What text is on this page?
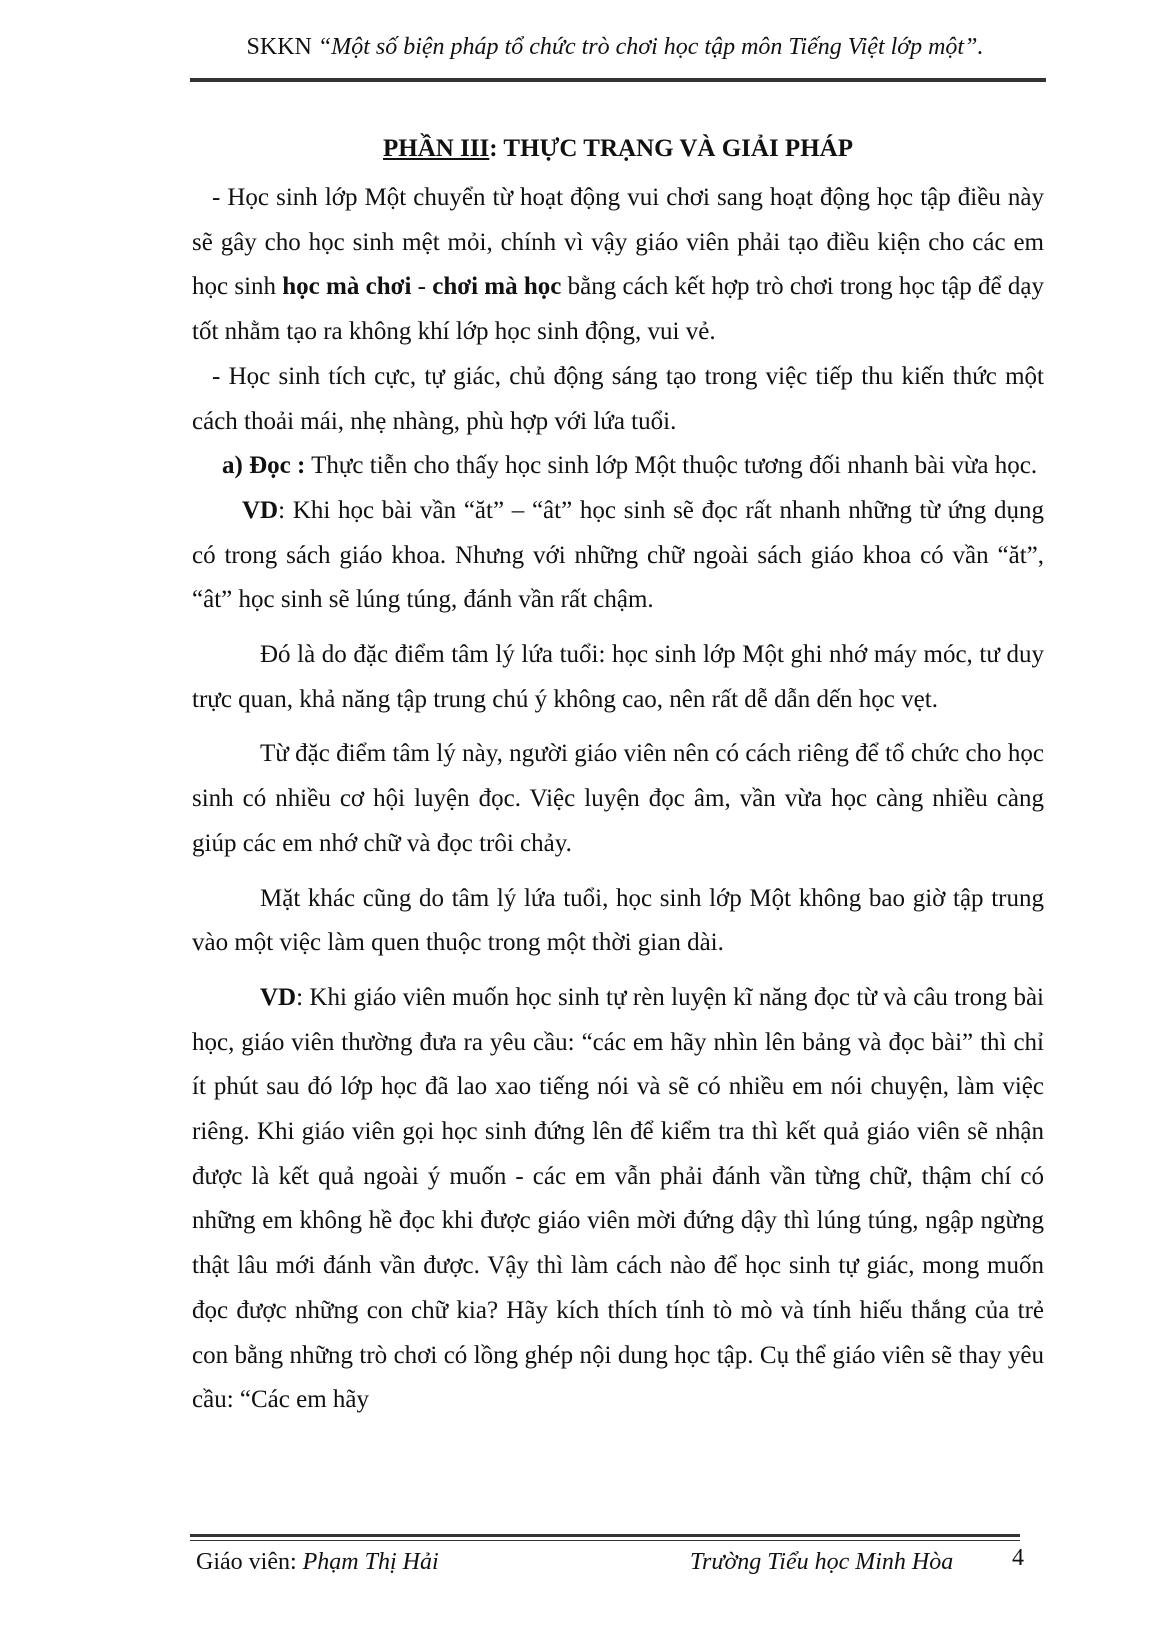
SKKN “Một số biện pháp tổ chức trò chơi học tập môn Tiếng Việt lớp một”.
PHẦN III: THỰC TRẠNG VÀ GIẢI PHÁP

- Học sinh lớp Một chuyển từ hoạt động vui chơi sang hoạt động học tập điều này sẽ gây cho học sinh mệt mỏi, chính vì vậy giáo viên phải tạo điều kiện cho các em học sinh học mà chơi - chơi mà học bằng cách kết hợp trò chơi trong học tập để dạy tốt nhằm tạo ra không khí lớp học sinh động, vui vẻ.

- Học sinh tích cực, tự giác, chủ động sáng tạo trong việc tiếp thu kiến thức một cách thoải mái, nhẹ nhàng, phù hợp với lứa tuổi.

a) Đọc : Thực tiễn cho thấy học sinh lớp Một thuộc tương đối nhanh bài vừa học.

VD: Khi học bài vần “ăt” – “ât” học sinh sẽ đọc rất nhanh những từ ứng dụng có trong sách giáo khoa. Nhưng với những chữ ngoài sách giáo khoa có vần “ăt”, “ât” học sinh sẽ lúng túng, đánh vần rất chậm.

Đó là do đặc điểm tâm lý lứa tuổi: học sinh lớp Một ghi nhớ máy móc, tư duy trực quan, khả năng tập trung chú ý không cao, nên rất dễ dẫn dến học vẹt.

Từ đặc điểm tâm lý này, người giáo viên nên có cách riêng để tổ chức cho học sinh có nhiều cơ hội luyện đọc. Việc luyện đọc âm, vần vừa học càng nhiều càng giúp các em nhớ chữ và đọc trôi chảy.

Mặt khác cũng do tâm lý lứa tuổi, học sinh lớp Một không bao giờ tập trung vào một việc làm quen thuộc trong một thời gian dài.

VD: Khi giáo viên muốn học sinh tự rèn luyện kĩ năng đọc từ và câu trong bài học, giáo viên thường đưa ra yêu cầu: “các em hãy nhìn lên bảng và đọc bài” thì chỉ ít phút sau đó lớp học đã lao xao tiếng nói và sẽ có nhiều em nói chuyện, làm việc riêng. Khi giáo viên gọi học sinh đứng lên để kiểm tra thì kết quả giáo viên sẽ nhận được là kết quả ngoài ý muốn - các em vẫn phải đánh vần từng chữ, thậm chí có những em không hề đọc khi được giáo viên mời đứng dậy thì lúng túng, ngập ngừng thật lâu mới đánh vần được. Vậy thì làm cách nào để học sinh tự giác, mong muốn đọc được những con chữ kia? Hãy kích thích tính tò mò và tính hiếu thắng của trẻ con bằng những trò chơi có lồng ghép nội dung học tập. Cụ thể giáo viên sẽ thay yêu cầu: “Các em hãy

Giáo viên: Phạm Thị Hải	Trường Tiểu học Minh Hòa 4
